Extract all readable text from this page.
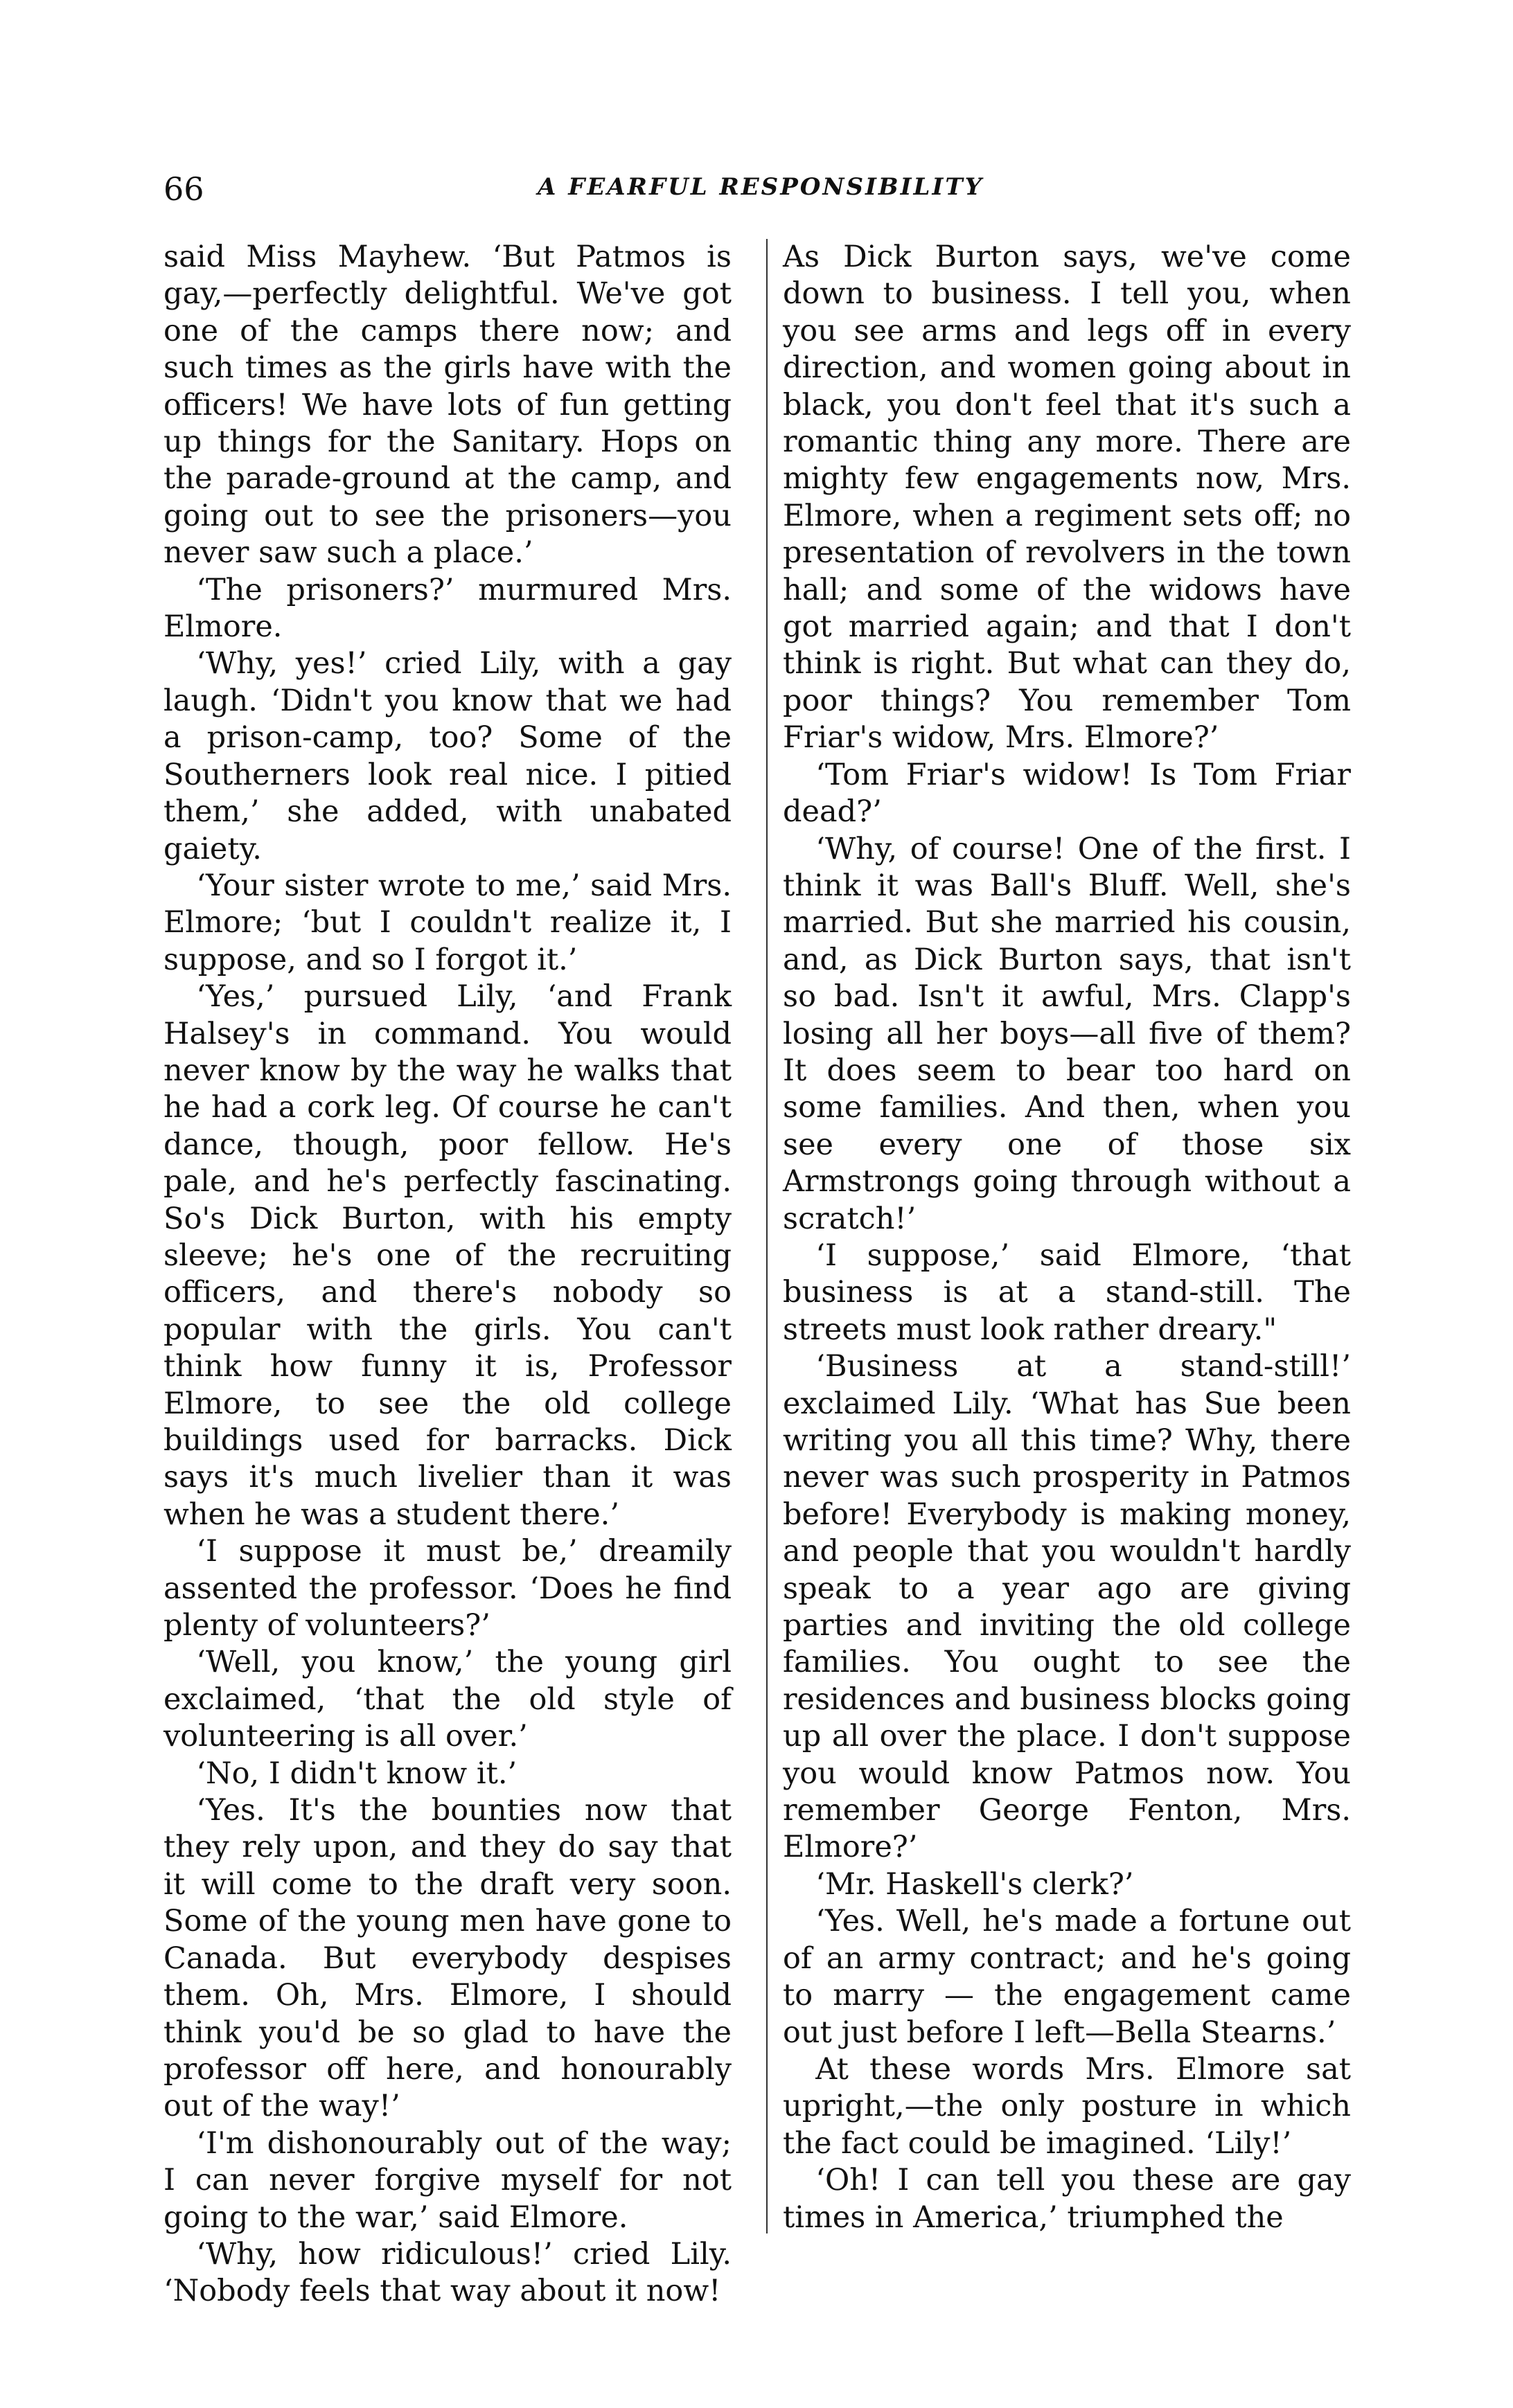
66	A FEARFUL RESPONSIBILITY

said Miss Mayhew. ‘But Patmos is gay,—perfectly delightful. We've got one of the camps there now; and such times as the girls have with the officers! We have lots of fun getting up things for the Sanitary. Hops on the parade-ground at the camp, and going out to see the prisoners—you never saw such a place.’

‘The prisoners?’ murmured Mrs. Elmore.

‘Why, yes!’ cried Lily, with a gay laugh. ‘Didn't you know that we had a prison-camp, too? Some of the Southerners look real nice. I pitied them,’ she added, with unabated gaiety.

‘Your sister wrote to me,’ said Mrs. Elmore; ‘but I couldn't realize it, I suppose, and so I forgot it.’

‘Yes,’ pursued Lily, ‘and Frank Halsey's in command. You would never know by the way he walks that he had a cork leg. Of course he can't dance, though, poor fellow. He's pale, and he's perfectly fascinating. So's Dick Burton, with his empty sleeve; he's one of the recruiting officers, and there's nobody so popular with the girls. You can't think how funny it is, Professor Elmore, to see the old college buildings used for barracks. Dick says it's much livelier than it was when he was a student there.’

‘I suppose it must be,’ dreamily assented the professor. ‘Does he find plenty of volunteers?’

‘Well, you know,’ the young girl exclaimed, ‘that the old style of volunteering is all over.’

‘No, I didn't know it.’

‘Yes. It's the bounties now that they rely upon, and they do say that it will come to the draft very soon. Some of the young men have gone to Canada. But everybody despises them. Oh, Mrs. Elmore, I should think you'd be so glad to have the professor off here, and honourably out of the way!’

‘I'm dishonourably out of the way; I can never forgive myself for not going to the war,’ said Elmore.

‘Why, how ridiculous!’ cried Lily. ‘Nobody feels that way about it now!

As Dick Burton says, we've come down to business. I tell you, when you see arms and legs off in every direction, and women going about in black, you don't feel that it's such a romantic thing any more. There are mighty few engagements now, Mrs. Elmore, when a regiment sets off; no presentation of revolvers in the town hall; and some of the widows have got married again; and that I don't think is right. But what can they do, poor things? You remember Tom Friar's widow, Mrs. Elmore?’

‘Tom Friar's widow! Is Tom Friar dead?’

‘Why, of course! One of the first. I think it was Ball's Bluff. Well, she's married. But she married his cousin, and, as Dick Burton says, that isn't so bad. Isn't it awful, Mrs. Clapp's losing all her boys—all five of them? It does seem to bear too hard on some families. And then, when you see every one of those six Armstrongs going through without a scratch!’

‘I suppose,’ said Elmore, ‘that business is at a stand-still. The streets must look rather dreary."

‘Business at a stand-still!’ exclaimed Lily. ‘What has Sue been writing you all this time? Why, there never was such prosperity in Patmos before! Everybody is making money, and people that you wouldn't hardly speak to a year ago are giving parties and inviting the old college families. You ought to see the residences and business blocks going up all over the place. I don't suppose you would know Patmos now. You remember George Fenton, Mrs. Elmore?’

‘Mr. Haskell's clerk?’

‘Yes. Well, he's made a fortune out of an army contract; and he's going to marry — the engagement came out just before I left—Bella Stearns.’

At these words Mrs. Elmore sat upright,—the only posture in which the fact could be imagined. ‘Lily!’

‘Oh! I can tell you these are gay times in America,’ triumphed the
